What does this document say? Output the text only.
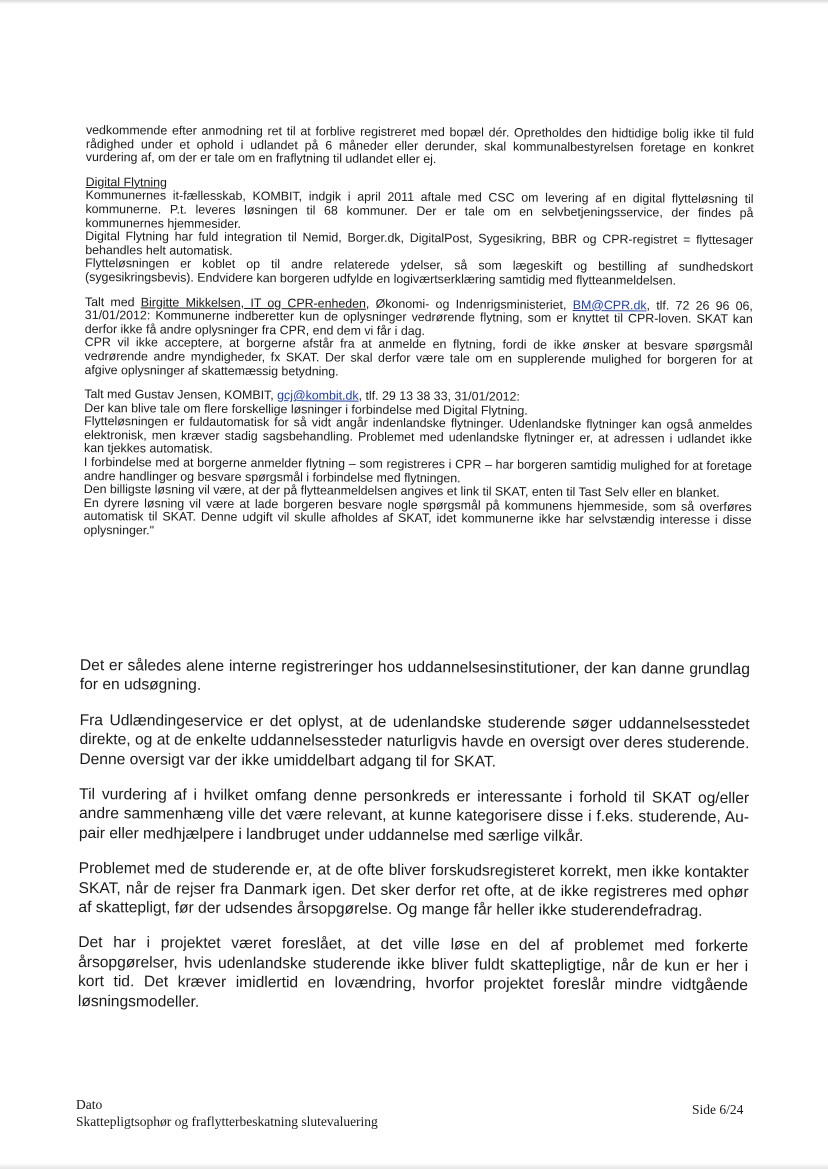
vedkommende efter anmodning ret til at forblive registreret med bopæl dér. Opretholdes den hidtidige bolig ikke til fuld rådighed under et ophold i udlandet på 6 måneder eller derunder, skal kommunalbestyrelsen foretage en konkret vurdering af, om der er tale om en fraflytning til udlandet eller ej.

Digital Flytning
Kommunernes it-fællesskab, KOMBIT, indgik i april 2011 aftale med CSC om levering af en digital flytteløsning til kommunerne. P.t. leveres løsningen til 68 kommuner. Der er tale om en selvbetjeningsservice, der findes på kommunernes hjemmesider.
Digital Flytning har fuld integration til Nemid, Borger.dk, DigitalPost, Sygesikring, BBR og CPR-registret = flyttesager behandles helt automatisk.
Flytteløsningen er koblet op til andre relaterede ydelser, så som lægeskift og bestilling af sundhedskort (sygesikringsbevis). Endvidere kan borgeren udfylde en logiværtserklæring samtidig med flytteanmeldelsen.

Talt med Birgitte Mikkelsen, IT og CPR-enheden, Økonomi- og Indenrigsministeriet, BM@CPR.dk, tlf. 72 26 96 06, 31/01/2012: Kommunerne indberetter kun de oplysninger vedrørende flytning, som er knyttet til CPR-loven. SKAT kan derfor ikke få andre oplysninger fra CPR, end dem vi får i dag.
CPR vil ikke acceptere, at borgerne afstår fra at anmelde en flytning, fordi de ikke ønsker at besvare spørgsmål vedrørende andre myndigheder, fx SKAT. Der skal derfor være tale om en supplerende mulighed for borgeren for at afgive oplysninger af skattemæssig betydning.

Talt med Gustav Jensen, KOMBIT, gcj@kombit.dk, tlf. 29 13 38 33, 31/01/2012:
Der kan blive tale om flere forskellige løsninger i forbindelse med Digital Flytning.
Flytteløsningen er fuldautomatisk for så vidt angår indenlandske flytninger. Udenlandske flytninger kan også anmeldes elektronisk, men kræver stadig sagsbehandling. Problemet med udenlandske flytninger er, at adressen i udlandet ikke kan tjekkes automatisk.
I forbindelse med at borgerne anmelder flytning – som registreres i CPR – har borgeren samtidig mulighed for at foretage andre handlinger og besvare spørgsmål i forbindelse med flytningen.
Den billigste løsning vil være, at der på flytteanmeldelsen angives et link til SKAT, enten til Tast Selv eller en blanket.
En dyrere løsning vil være at lade borgeren besvare nogle spørgsmål på kommunens hjemmeside, som så overføres automatisk til SKAT. Denne udgift vil skulle afholdes af SKAT, idet kommunerne ikke har selvstændig interesse i disse oplysninger."

Det er således alene interne registreringer hos uddannelsesinstitutioner, der kan danne grundlag for en udsøgning.

Fra Udlændingeservice er det oplyst, at de udenlandske studerende søger uddannelsesstedet direkte, og at de enkelte uddannelsessteder naturligvis havde en oversigt over deres studerende. Denne oversigt var der ikke umiddelbart adgang til for SKAT.

Til vurdering af i hvilket omfang denne personkreds er interessante i forhold til SKAT og/eller andre sammenhæng ville det være relevant, at kunne kategorisere disse i f.eks. studerende, Au-pair eller medhjælpere i landbruget under uddannelse med særlige vilkår.

Problemet med de studerende er, at de ofte bliver forskudsregisteret korrekt, men ikke kontakter SKAT, når de rejser fra Danmark igen. Det sker derfor ret ofte, at de ikke registreres med ophør af skattepligt, før der udsendes årsopgørelse. Og mange får heller ikke studerendefradrag.

Det har i projektet været foreslået, at det ville løse en del af problemet med forkerte årsopgørelser, hvis udenlandske studerende ikke bliver fuldt skattepligtige, når de kun er her i kort tid. Det kræver imidlertid en lovændring, hvorfor projektet foreslår mindre vidtgående løsningsmodeller.

Dato
Skattepligtsophør og fraflytterbeskatning slutevaluering
Side 6/24
